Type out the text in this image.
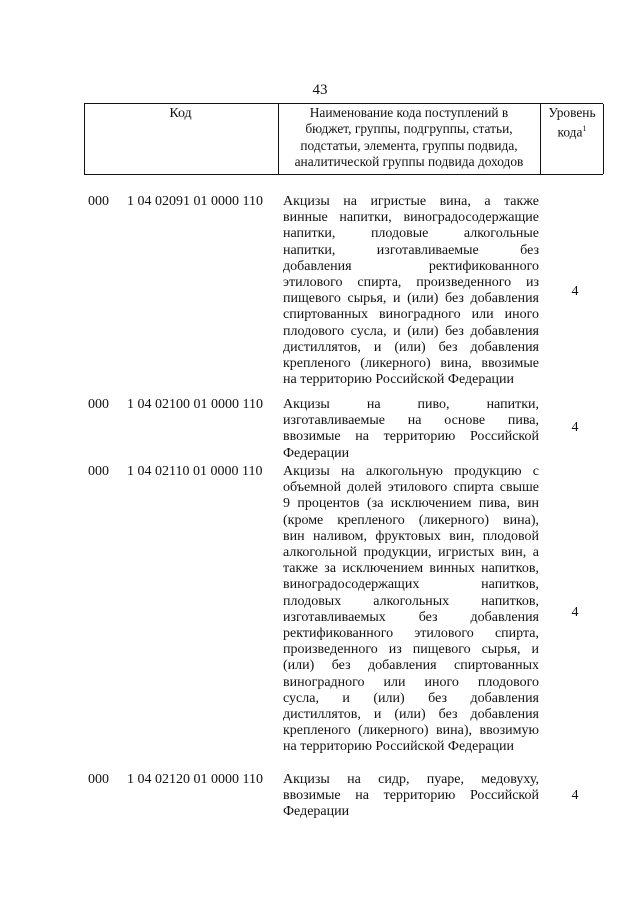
43
Код	Наименование кода поступлений в
бюджет, группы, подгруппы, статьи,
подстатьи, элемента, группы подвида,
аналитической группы подвида доходов
Уровень
кода$^1$
000 1 04 02091 01 0000 110 Акцизы на игристые вина, а также
винные напитки, виноградосодержащие
напитки, плодовые алкогольные
напитки, изготавливаемые без
добавления ректификованного
этилового спирта, произведенного из
пищевого сырья, и (или) без добавления
спиртованных виноградного или иного
плодового сусла, и (или) без добавления
дистиллятов, и (или) без добавления
крепленого (ликерного) вина, ввозимые
на территорию Российской Федерации
4
000 1 04 02100 01 0000 110 Акцизы на пиво, напитки,
изготавливаемые на основе пива,
ввозимые на территорию Российской
Федерации
4
000 1 04 02110 01 0000 110 Акцизы на алкогольную продукцию с
объемной долей этилового спирта свыше
9 процентов (за исключением пива, вин
(кроме крепленого (ликерного) вина),
вин наливом, фруктовых вин, плодовой
алкогольной продукции, игристых вин, а
также за исключением винных напитков,
виноградосодержащих напитков,
плодовых алкогольных напитков,
изготавливаемых без добавления
ректификованного этилового спирта,
произведенного из пищевого сырья, и
(или) без добавления спиртованных
виноградного или иного плодового
сусла, и (или) без добавления
дистиллятов, и (или) без добавления
крепленого (ликерного) вина), ввозимую
на территорию Российской Федерации
4
000 1 04 02120 01 0000 110 Акцизы на сидр, пуаре, медовуху,
ввозимые на территорию Российской
Федерации
4
